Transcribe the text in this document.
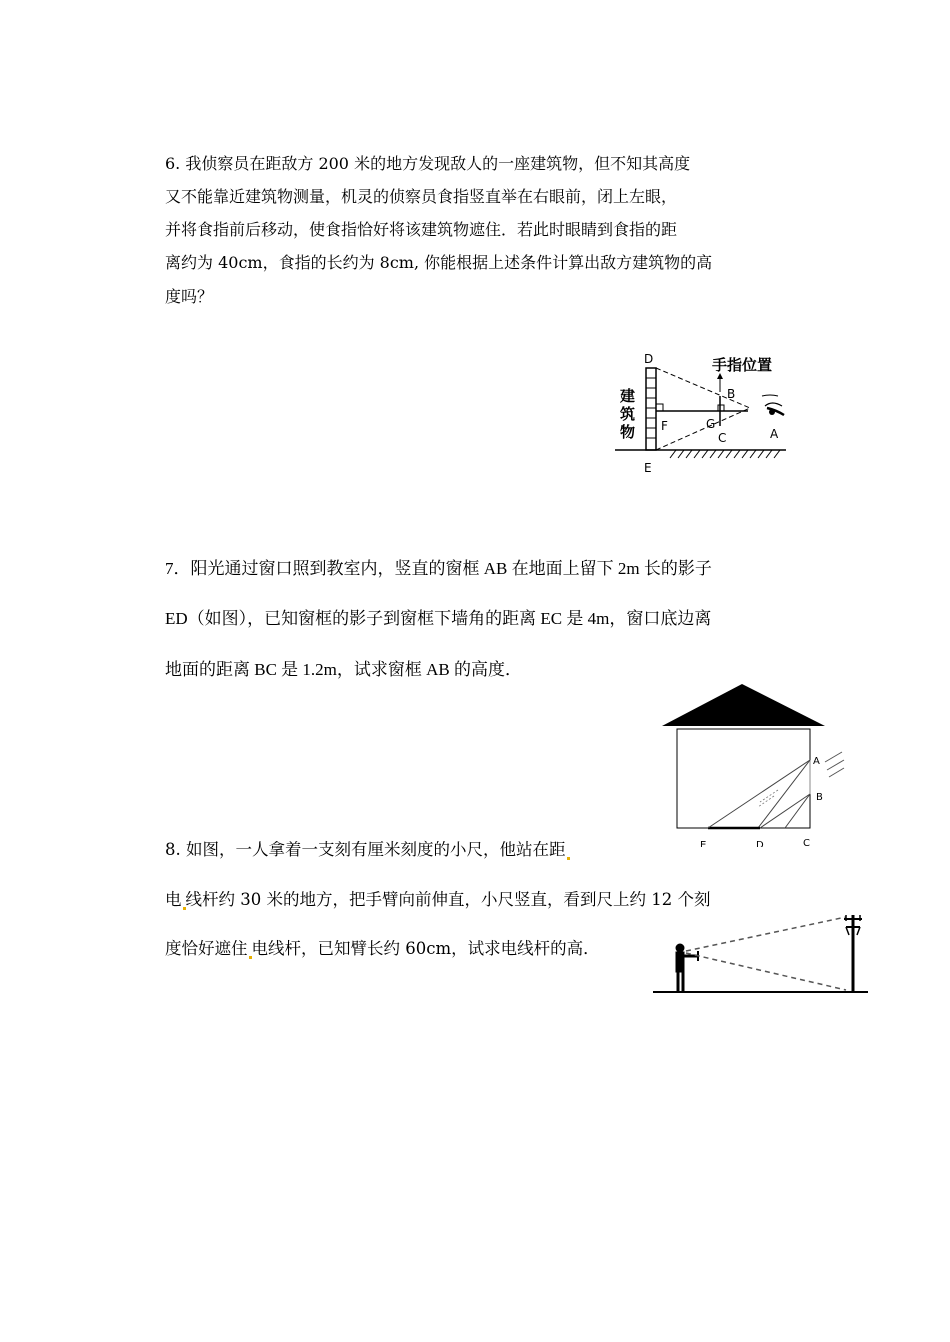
6. 我侦察员在距敌方 200 米的地方发现敌人的一座建筑物，但不知其高度
又不能靠近建筑物测量，机灵的侦察员食指竖直举在右眼前，闭上左眼，
并将食指前后移动，使食指恰好将该建筑物遮住．若此时眼睛到食指的距
离约为 40cm，食指的长约为 8cm, 你能根据上述条件计算出敌方建筑物的高
度吗？
手指位置
D
E
F	G
B
C	A
建
筑
物
7．阳光通过窗口照到教室内，竖直的窗框 AB 在地面上留下 2m 长的影子
ED（如图），已知窗框的影子到窗框下墙角的距离 EC 是 4m，窗口底边离
地面的距离 BC 是 1.2m，试求窗框 AB 的高度．
A
B
C
D
E
8. 如图，一人拿着一支刻有厘米刻度的小尺，他站在距
电 线杆约 30 米的地方，把手臂向前伸直，小尺竖直，看到尺上约 12 个刻
度恰好遮住 电线杆，已知臂长约 60cm，试求电线杆的高．
